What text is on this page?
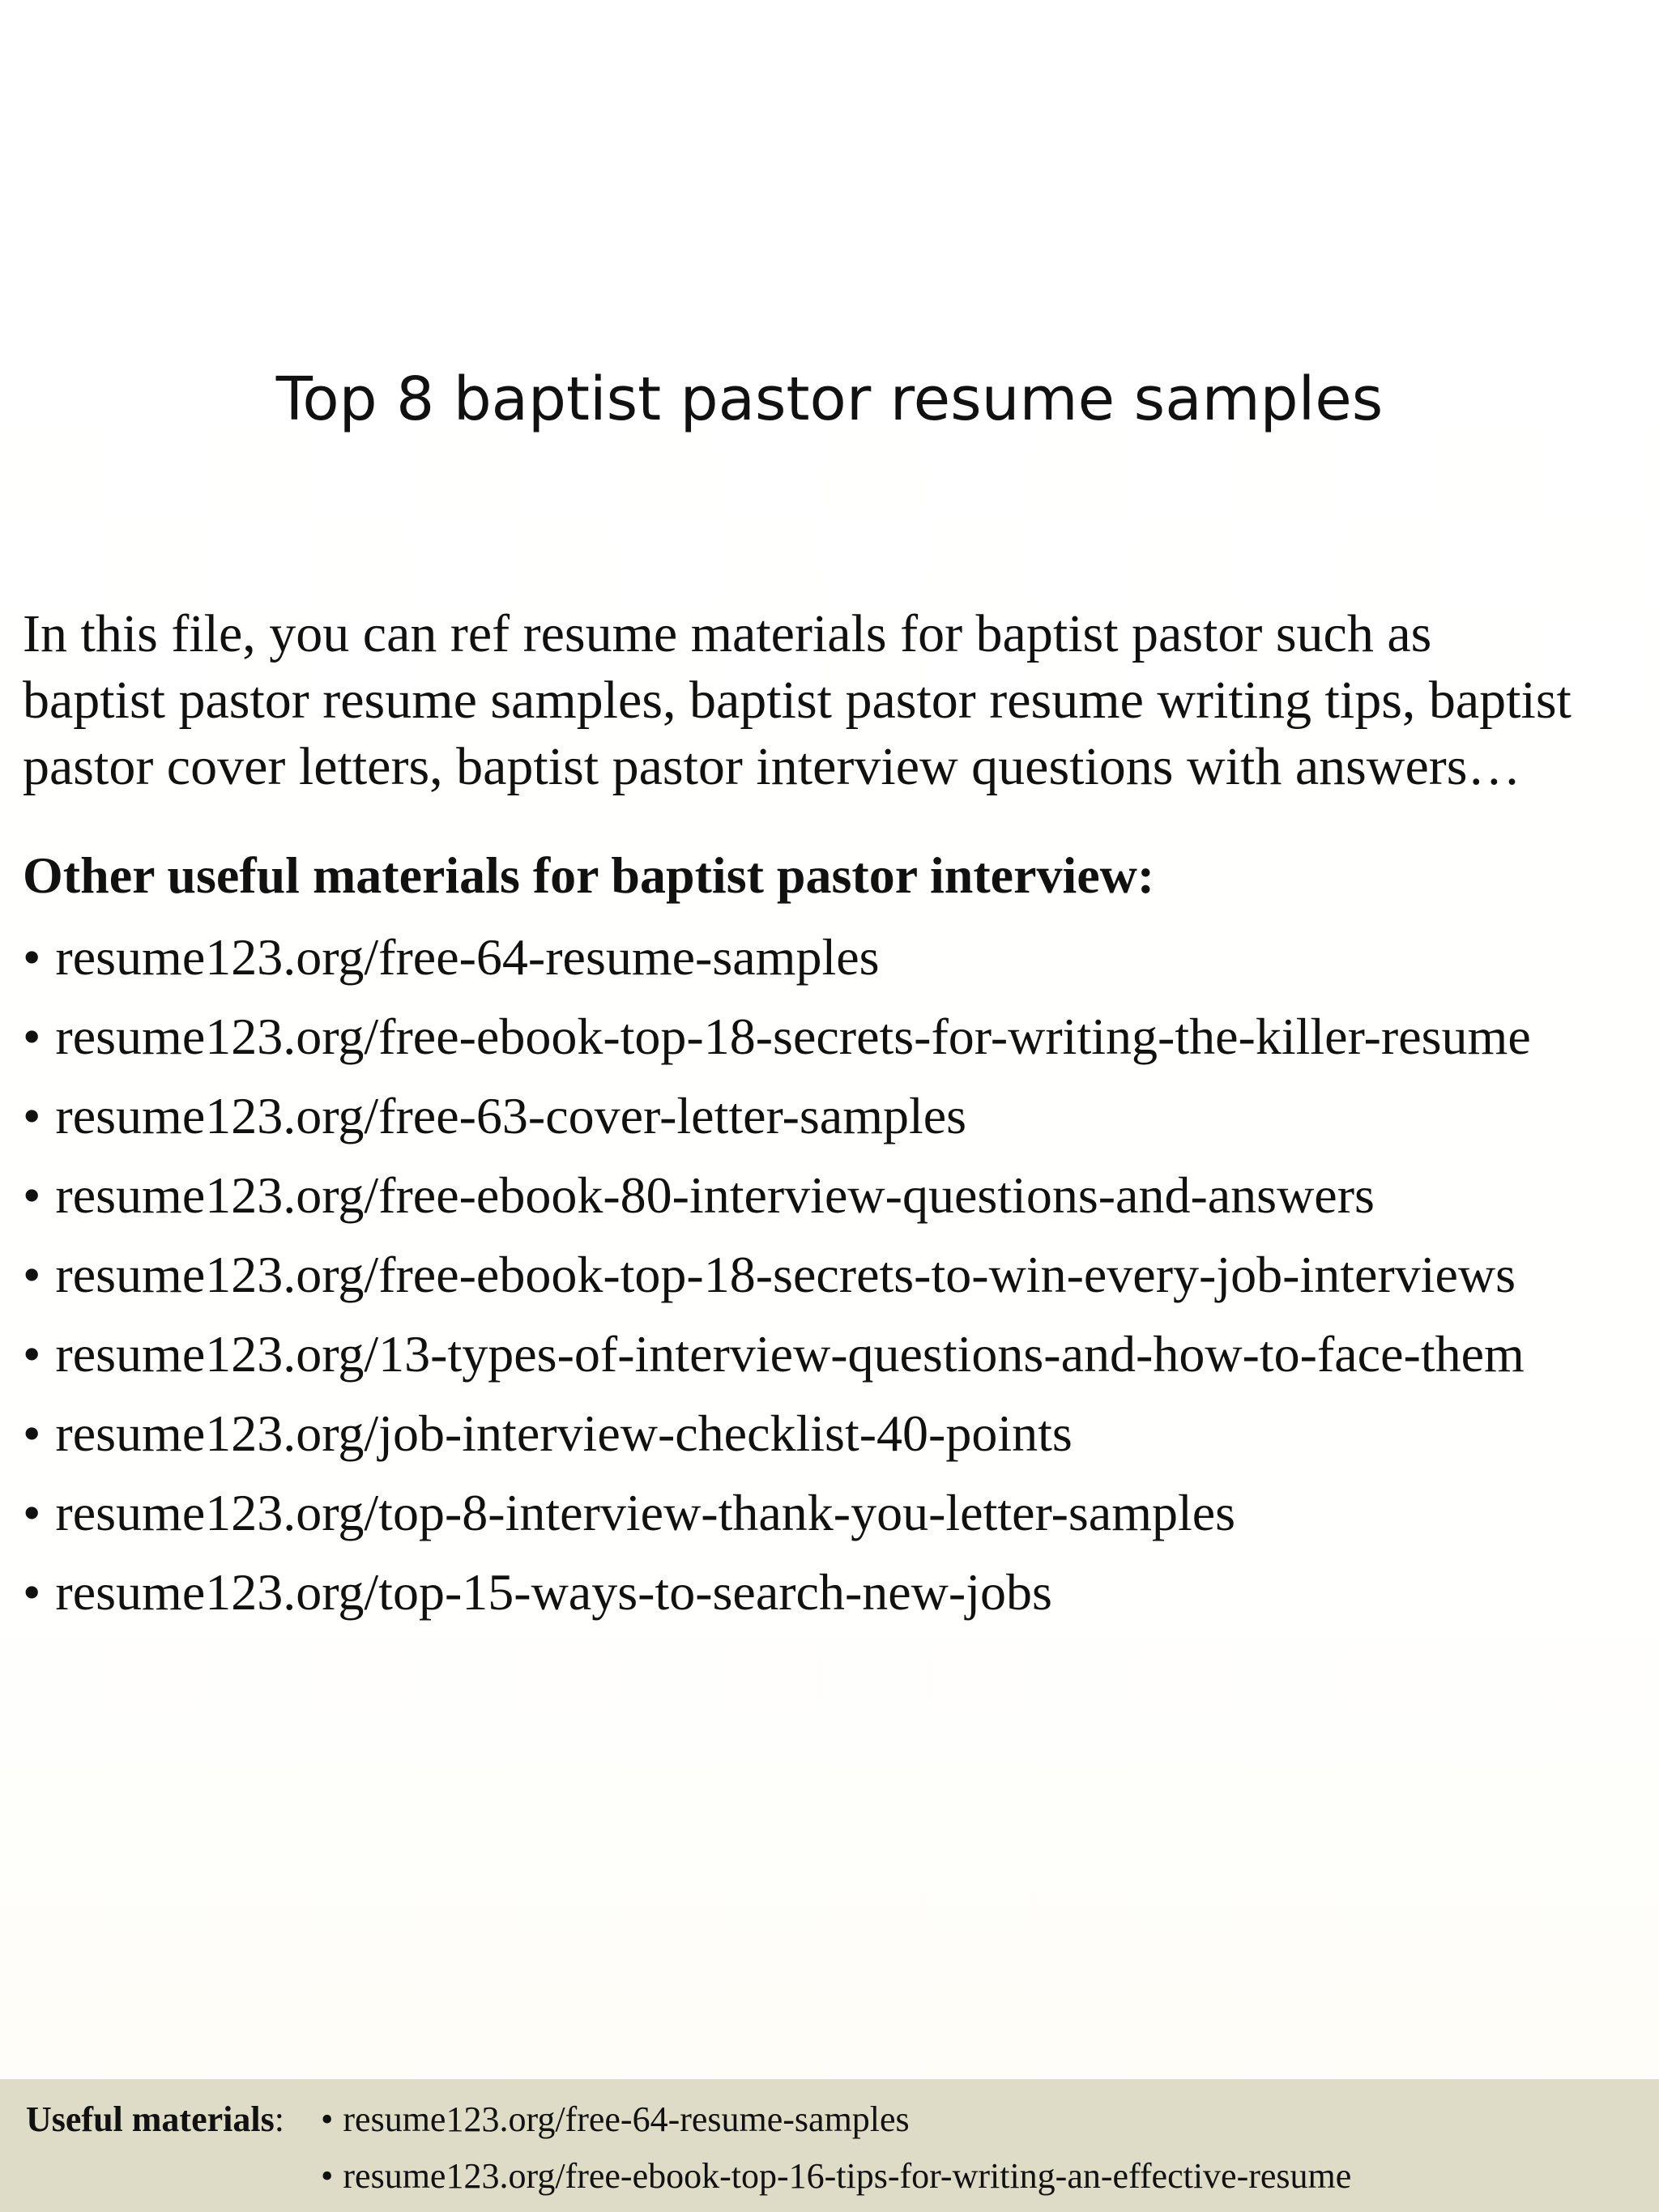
Top 8 baptist pastor resume samples
In this file, you can ref resume materials for baptist pastor such as
baptist pastor resume samples, baptist pastor resume writing tips, baptist
pastor cover letters, baptist pastor interview questions with answers…
Other useful materials for baptist pastor interview:
• resume123.org/free-64-resume-samples
• resume123.org/free-ebook-top-18-secrets-for-writing-the-killer-resume
• resume123.org/free-63-cover-letter-samples
• resume123.org/free-ebook-80-interview-questions-and-answers
• resume123.org/free-ebook-top-18-secrets-to-win-every-job-interviews
• resume123.org/13-types-of-interview-questions-and-how-to-face-them
• resume123.org/job-interview-checklist-40-points
• resume123.org/top-8-interview-thank-you-letter-samples
• resume123.org/top-15-ways-to-search-new-jobs
Useful materials: • resume123.org/free-64-resume-samples
• resume123.org/free-ebook-top-16-tips-for-writing-an-effective-resume
